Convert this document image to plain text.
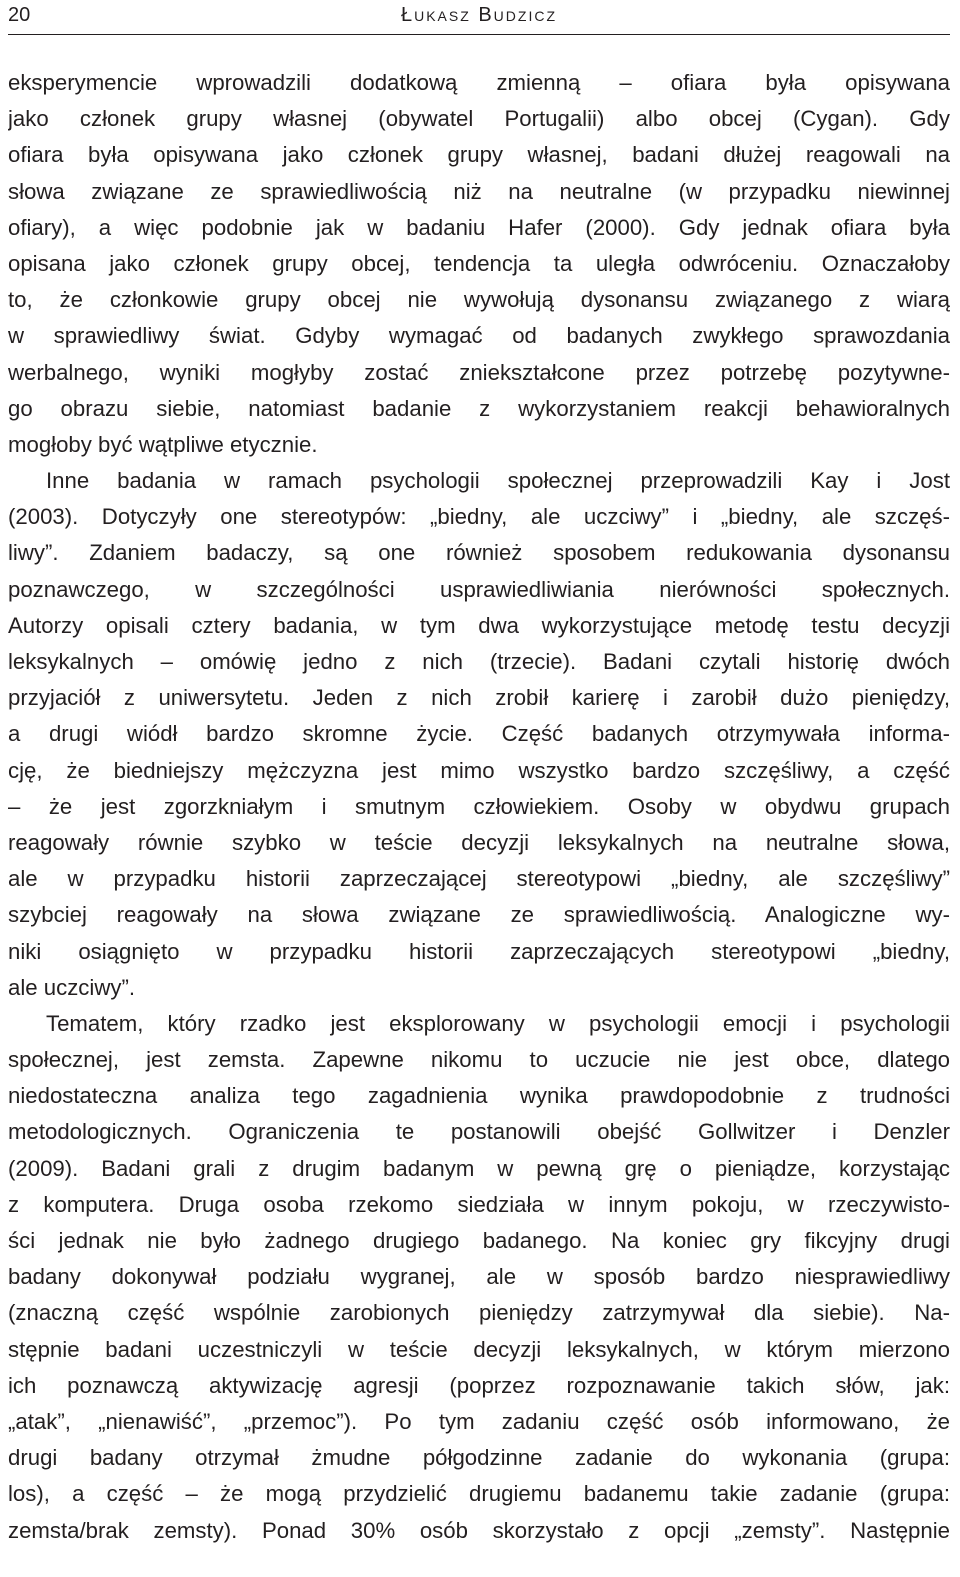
20	Łukasz Budzicz
eksperymencie wprowadzili dodatkową zmienną – ofiara była opisywana
jako członek grupy własnej (obywatel Portugalii) albo obcej (Cygan). Gdy
ofiara była opisywana jako członek grupy własnej, badani dłużej reagowali na
słowa związane ze sprawiedliwością niż na neutralne (w przypadku niewinnej
ofiary), a więc podobnie jak w badaniu Hafer (2000). Gdy jednak ofiara była
opisana jako członek grupy obcej, tendencja ta uległa odwróceniu. Oznaczałoby
to, że członkowie grupy obcej nie wywołują dysonansu związanego z wiarą
w sprawiedliwy świat. Gdyby wymagać od badanych zwykłego sprawozdania
werbalnego, wyniki mogłyby zostać zniekształcone przez potrzebę pozytywne-
go obrazu siebie, natomiast badanie z wykorzystaniem reakcji behawioralnych
mogłoby być wątpliwe etycznie.
Inne badania w ramach psychologii społecznej przeprowadzili Kay i Jost
(2003). Dotyczyły one stereotypów: „biedny, ale uczciwy” i „biedny, ale szczęś-
liwy”. Zdaniem badaczy, są one również sposobem redukowania dysonansu
poznawczego, w szczególności usprawiedliwiania nierówności społecznych.
Autorzy opisali cztery badania, w tym dwa wykorzystujące metodę testu decyzji
leksykalnych – omówię jedno z nich (trzecie). Badani czytali historię dwóch
przyjaciół z uniwersytetu. Jeden z nich zrobił karierę i zarobił dużo pieniędzy,
a drugi wiódł bardzo skromne życie. Część badanych otrzymywała informa-
cję, że biedniejszy mężczyzna jest mimo wszystko bardzo szczęśliwy, a część
– że jest zgorzkniałym i smutnym człowiekiem. Osoby w obydwu grupach
reagowały równie szybko w teście decyzji leksykalnych na neutralne słowa,
ale w przypadku historii zaprzeczającej stereotypowi „biedny, ale szczęśliwy”
szybciej reagowały na słowa związane ze sprawiedliwością. Analogiczne wy-
niki osiągnięto w przypadku historii zaprzeczających stereotypowi „biedny,
ale uczciwy”.
Tematem, który rzadko jest eksplorowany w psychologii emocji i psychologii
społecznej, jest zemsta. Zapewne nikomu to uczucie nie jest obce, dlatego
niedostateczna analiza tego zagadnienia wynika prawdopodobnie z trudności
metodologicznych. Ograniczenia te postanowili obejść Gollwitzer i Denzler
(2009). Badani grali z drugim badanym w pewną grę o pieniądze, korzystając
z komputera. Druga osoba rzekomo siedziała w innym pokoju, w rzeczywisto-
ści jednak nie było żadnego drugiego badanego. Na koniec gry fikcyjny drugi
badany dokonywał podziału wygranej, ale w sposób bardzo niesprawiedliwy
(znaczną część wspólnie zarobionych pieniędzy zatrzymywał dla siebie). Na-
stępnie badani uczestniczyli w teście decyzji leksykalnych, w którym mierzono
ich poznawczą aktywizację agresji (poprzez rozpoznawanie takich słów, jak:
„atak”, „nienawiść”, „przemoc”). Po tym zadaniu część osób informowano, że
drugi badany otrzymał żmudne półgodzinne zadanie do wykonania (grupa:
los), a część – że mogą przydzielić drugiemu badanemu takie zadanie (grupa:
zemsta/brak zemsty). Ponad 30% osób skorzystało z opcji „zemsty”. Następnie
